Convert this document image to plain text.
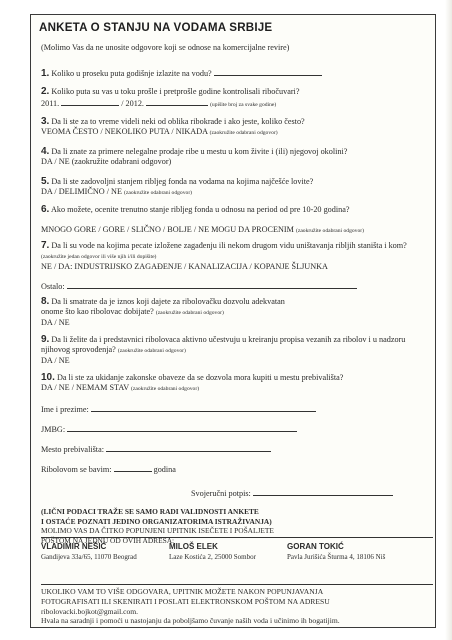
ANKETA O STANJU NA VODAMA SRBIJE
(Molimo Vas da ne unosite odgovore koji se odnose na komercijalne revire)
1. Koliko u proseku puta godišnje izlazite na vodu?
2. Koliko puta su vas u toku prošle i pretprošle godine kontrolisali ribočuvari?
2011.	/ 2012.	(upišite broj za svake godine)
3. Da li ste za to vreme videli neki od oblika ribokrađe i ako jeste, koliko često?
VEOMA ČESTO / NEKOLIKO PUTA / NIKADA (zaokružite odabrani odgovor)
4. Da li znate za primere nelegalne prodaje ribe u mestu u kom živite i (ili) njegovoj okolini?
DA / NE (zaokružite odabrani odgovor)
5. Da li ste zadovoljni stanjem ribljeg fonda na vodama na kojima najčešće lovite?
DA / DELIMIČNO / NE (zaokružite odabrani odgovor)
6. Ako možete, ocenite trenutno stanje ribljeg fonda u odnosu na period od pre 10-20 godina?
MNOGO GORE / GORE / SLIČNO / BOLJE / NE MOGU DA PROCENIM (zaokružite odabrani odgovor)
7. Da li su vode na kojima pecate izložene zagađenju ili nekom drugom vidu uništavanja ribljih staništa i kom? (zaokružite jedan odgovor ili više njih i/ili dopišite)
NE / DA: INDUSTRIJSKO ZAGAĐENJE / KANALIZACIJA / KOPANJE ŠLJUNKA
Ostalo:
8. Da li smatrate da je iznos koji dajete za ribolovačku dozvolu adekvatan
onome što kao ribolovac dobijate? (zaokružite odabrani odgovor)
DA / NE
9. Da li želite da i predstavnici ribolovaca aktivno učestvuju u kreiranju propisa vezanih za ribolov i u nadzoru njihovog sprovođenja? (zaokružite odabrani odgovor)
DA / NE
10. Da li ste za ukidanje zakonske obaveze da se dozvola mora kupiti u mestu prebivališta?
DA / NE / NEMAM STAV (zaokružite odabrani odgovor)
Ime i prezime:
JMBG:
Mesto prebivališta:
Ribolovom se bavim:	godina
Svojeručni potpis:
(LIČNI PODACI TRAŽE SE SAMO RADI VALIDNOSTI ANKETE
I OSTAĆE POZNATI JEDINO ORGANIZATORIMA ISTRAŽIVANJA)
MOLIMO VAS DA ČITKO POPUNJENI UPITNIK ISEČETE I POŠALJETE
POŠTOM NA JEDNU OD OVIH ADRESA:
VLADIMIR NEŠIĆ
Gandijeva 33a/65, 11070 Beograd
MILOŠ ELEK
Laze Kostića 2, 25000 Sombor
GORAN TOKIĆ
Pavla Jurišića Šturma 4, 18106 Niš
UKOLIKO VAM TO VIŠE ODGOVARA, UPITNIK MOŽETE NAKON POPUNJAVANJA
FOTOGRAFISATI ILI SKENIRATI I POSLATI ELEKTRONSKOM POŠTOM NA ADRESU
ribolovacki.bojkot@gmail.com.
Hvala na saradnji i pomoći u nastojanju da poboljšamo čuvanje naših voda i učinimo ih bogatijim.
